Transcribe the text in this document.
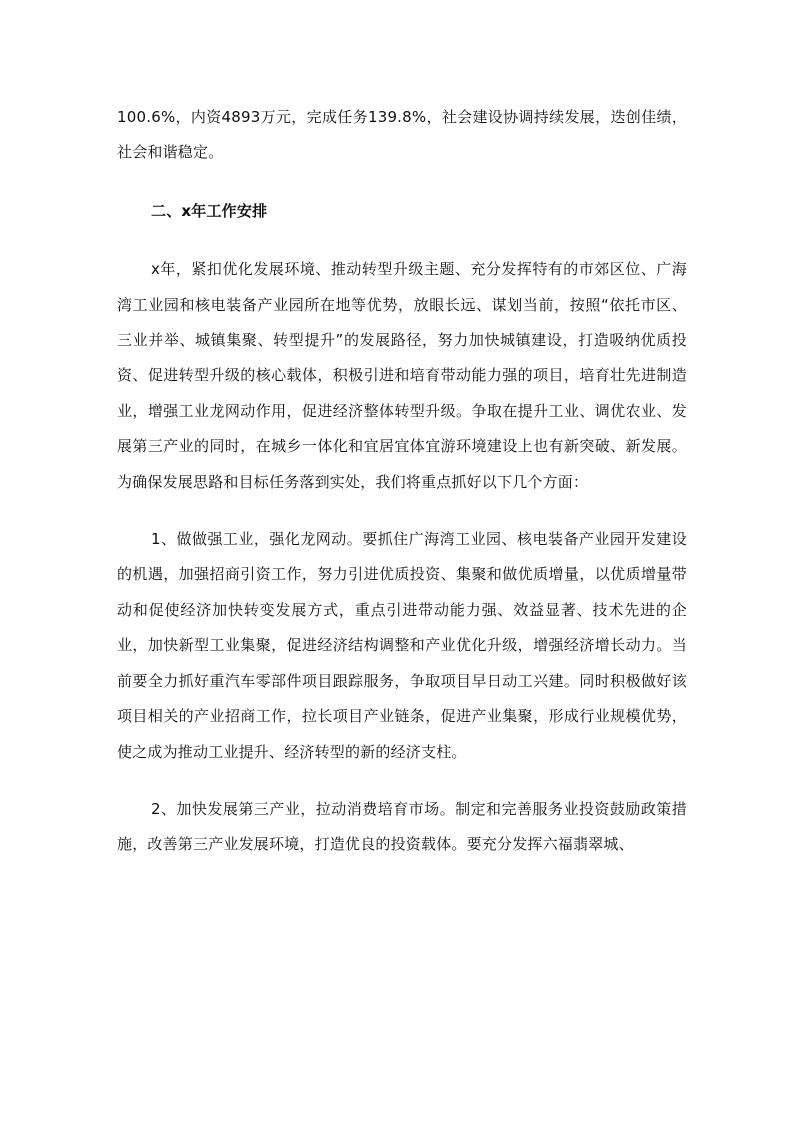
100.6%，内资4893万元，完成任务139.8%，社会建设协调持续发展，迭创佳绩，社会和谐稳定。

二、x年工作安排

x年，紧扣优化发展环境、推动转型升级主题、充分发挥特有的市郊区位、广海湾工业园和核电装备产业园所在地等优势，放眼长远、谋划当前，按照“依托市区、三业并举、城镇集聚、转型提升”的发展路径，努力加快城镇建设，打造吸纳优质投资、促进转型升级的核心载体，积极引进和培育带动能力强的项目，培育壮先进制造业，增强工业龙网动作用，促进经济整体转型升级。争取在提升工业、调优农业、发展第三产业的同时，在城乡一体化和宜居宜体宜游环境建设上也有新突破、新发展。为确保发展思路和目标任务落到实处，我们将重点抓好以下几个方面：

1、做做强工业，强化龙网动。要抓住广海湾工业园、核电装备产业园开发建设的机遇，加强招商引资工作，努力引进优质投资、集聚和做优质增量，以优质增量带动和促使经济加快转变发展方式，重点引进带动能力强、效益显著、技术先进的企业，加快新型工业集聚，促进经济结构调整和产业优化升级，增强经济增长动力。当前要全力抓好重汽车零部件项目跟踪服务，争取项目早日动工兴建。同时积极做好该项目相关的产业招商工作，拉长项目产业链条，促进产业集聚，形成行业规模优势，使之成为推动工业提升、经济转型的新的经济支柱。

2、加快发展第三产业，拉动消费培育市场。制定和完善服务业投资鼓励政策措施，改善第三产业发展环境，打造优良的投资载体。要充分发挥六福翡翠城、
